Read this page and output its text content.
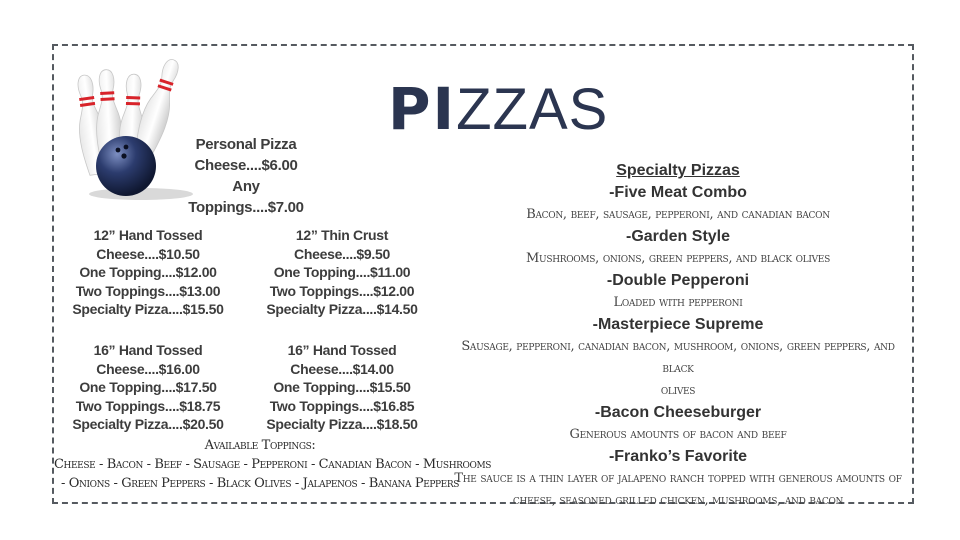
PIZZAS
Personal Pizza
Cheese....$6.00
Any
Toppings....$7.00
12” Hand Tossed
Cheese....$10.50
One Topping....$12.00
Two Toppings....$13.00
Specialty Pizza....$15.50
12” Thin Crust
Cheese....$9.50
One Topping....$11.00
Two Toppings....$12.00
Specialty Pizza....$14.50
16” Hand Tossed
Cheese....$16.00
One Topping....$17.50
Two Toppings....$18.75
Specialty Pizza....$20.50
16” Hand Tossed
Cheese....$14.00
One Topping....$15.50
Two Toppings....$16.85
Specialty Pizza....$18.50
Available Toppings:
Cheese - Bacon - Beef - Sausage - Pepperoni - Canadian Bacon - Mushrooms
- Onions - Green Peppers - Black Olives - Jalapenos - Banana Peppers
Specialty Pizzas
-Five Meat Combo
Bacon, beef, sausage, pepperoni, and canadian bacon
-Garden Style
Mushrooms, onions, green peppers, and black olives
-Double Pepperoni
Loaded with pepperoni
-Masterpiece Supreme
Sausage, pepperoni, canadian bacon, mushroom, onions, green peppers, and black
olives
-Bacon Cheeseburger
Generous amounts of bacon and beef
-Franko’s Favorite
The sauce is a thin layer of jalapeno ranch topped with generous amounts of
cheese, seasoned grilled chicken, mushrooms, and bacon
